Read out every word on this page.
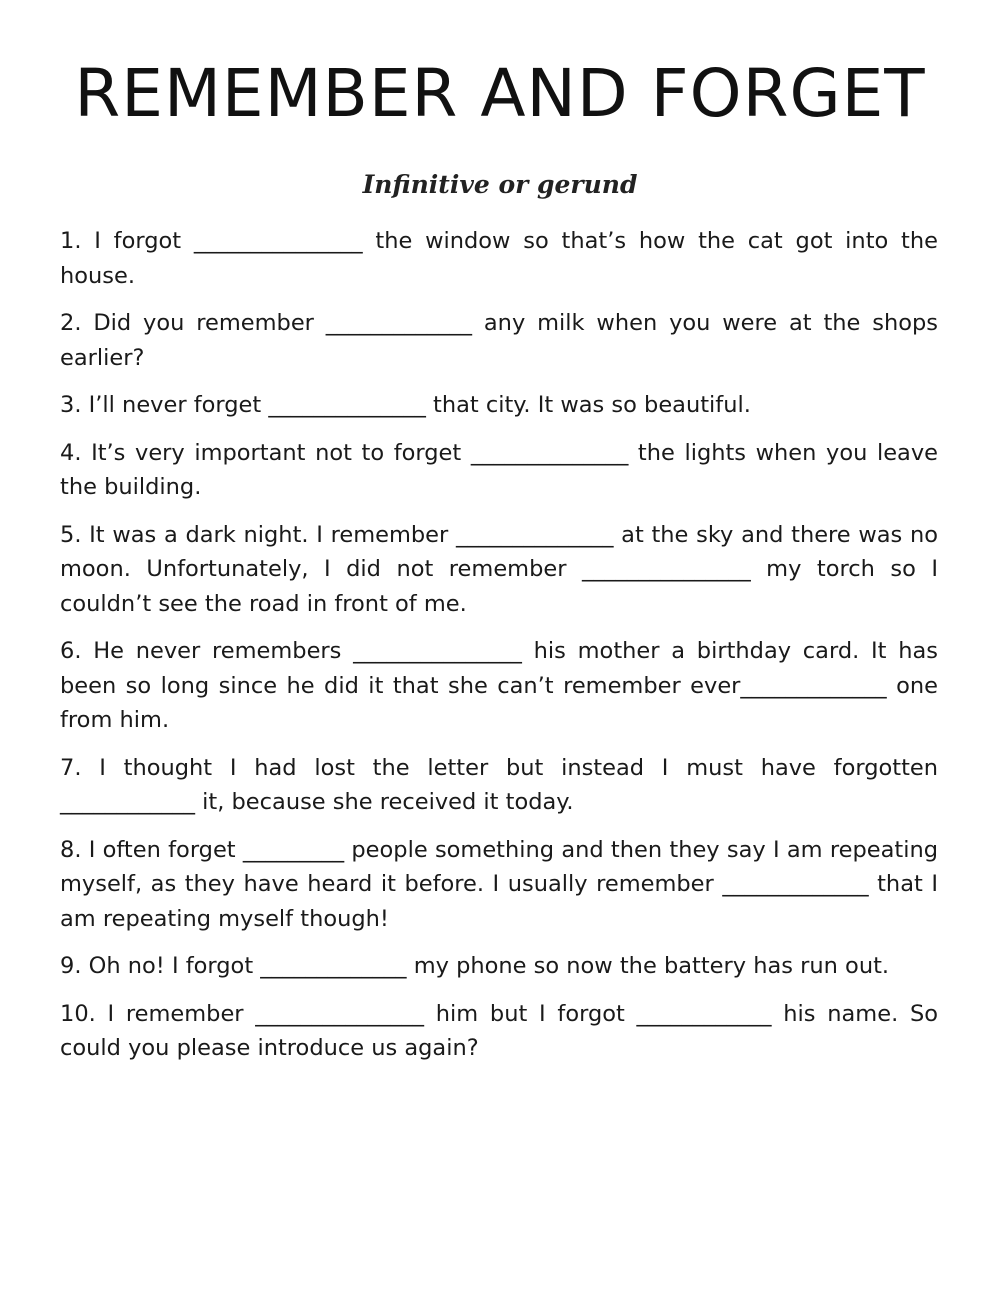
REMEMBER AND FORGET
Infinitive or gerund
1. I forgot _______________ the window so that’s how the cat got into the house.
2. Did you remember _____________ any milk when you were at the shops earlier?
3. I’ll never forget ______________ that city. It was so beautiful.
4. It’s very important not to forget ______________ the lights when you leave the building.
5. It was a dark night. I remember ______________ at the sky and there was no moon. Unfortunately, I did not remember _______________ my torch so I couldn’t see the road in front of me.
6. He never remembers _______________ his mother a birthday card. It has been so long since he did it that she can’t remember ever_____________ one from him.
7. I thought I had lost the letter but instead I must have forgotten ____________ it, because she received it today.
8. I often forget _________ people something and then they say I am repeating myself, as they have heard it before. I usually remember _____________ that I am repeating myself though!
9. Oh no! I forgot _____________ my phone so now the battery has run out.
10. I remember _______________ him but I forgot ____________ his name. So could you please introduce us again?
